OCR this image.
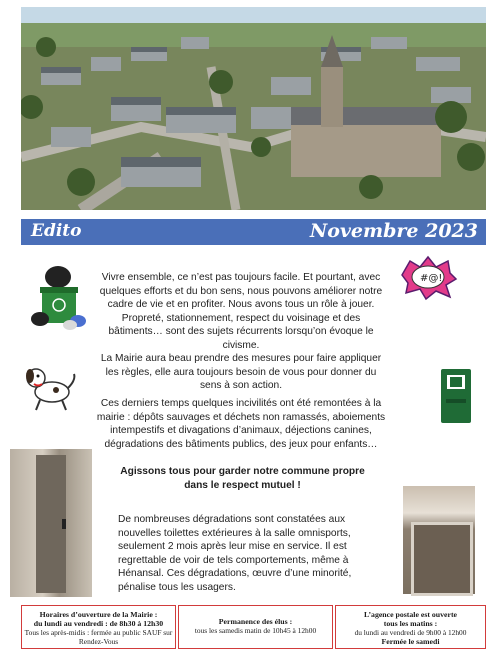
Edito	Novembre 2023
#@!
Vivre ensemble, ce n’est pas toujours facile. Et pourtant, avec quelques efforts et du bon sens, nous pouvons améliorer notre cadre de vie et en profiter. Nous avons tous un rôle à jouer. Propreté, stationnement, respect du voisinage et des bâtiments… sont des sujets récurrents lorsqu’on évoque le civisme.
La Mairie aura beau prendre des mesures pour faire appliquer les règles, elle aura toujours besoin de vous pour donner du sens à son action.
Ces derniers temps quelques incivilités ont été remontées à la mairie : dépôts sauvages et déchets non ramassés, aboiements intempestifs et divagations d’animaux, déjections canines, dégradations des bâtiments publics, des jeux pour enfants…
Agissons tous pour garder notre commune propre dans le respect mutuel !
De nombreuses dégradations sont constatées aux nouvelles toilettes extérieures à la salle omnisports, seulement 2 mois après leur mise en service. Il est regrettable de voir de tels comportements, même à Hénansal. Ces dégradations, œuvre d’une minorité, pénalise tous les usagers.
Horaires d’ouverture de la Mairie :
du lundi au vendredi : de 8h30 à 12h30
Tous les après-midis : fermée au public SAUF sur Rendez-Vous
Permanence des élus :
tous les samedis matin de 10h45 à 12h00
L’agence postale est ouverte
tous les matins :
du lundi au vendredi de 9h00 à 12h00
Fermée le samedi
